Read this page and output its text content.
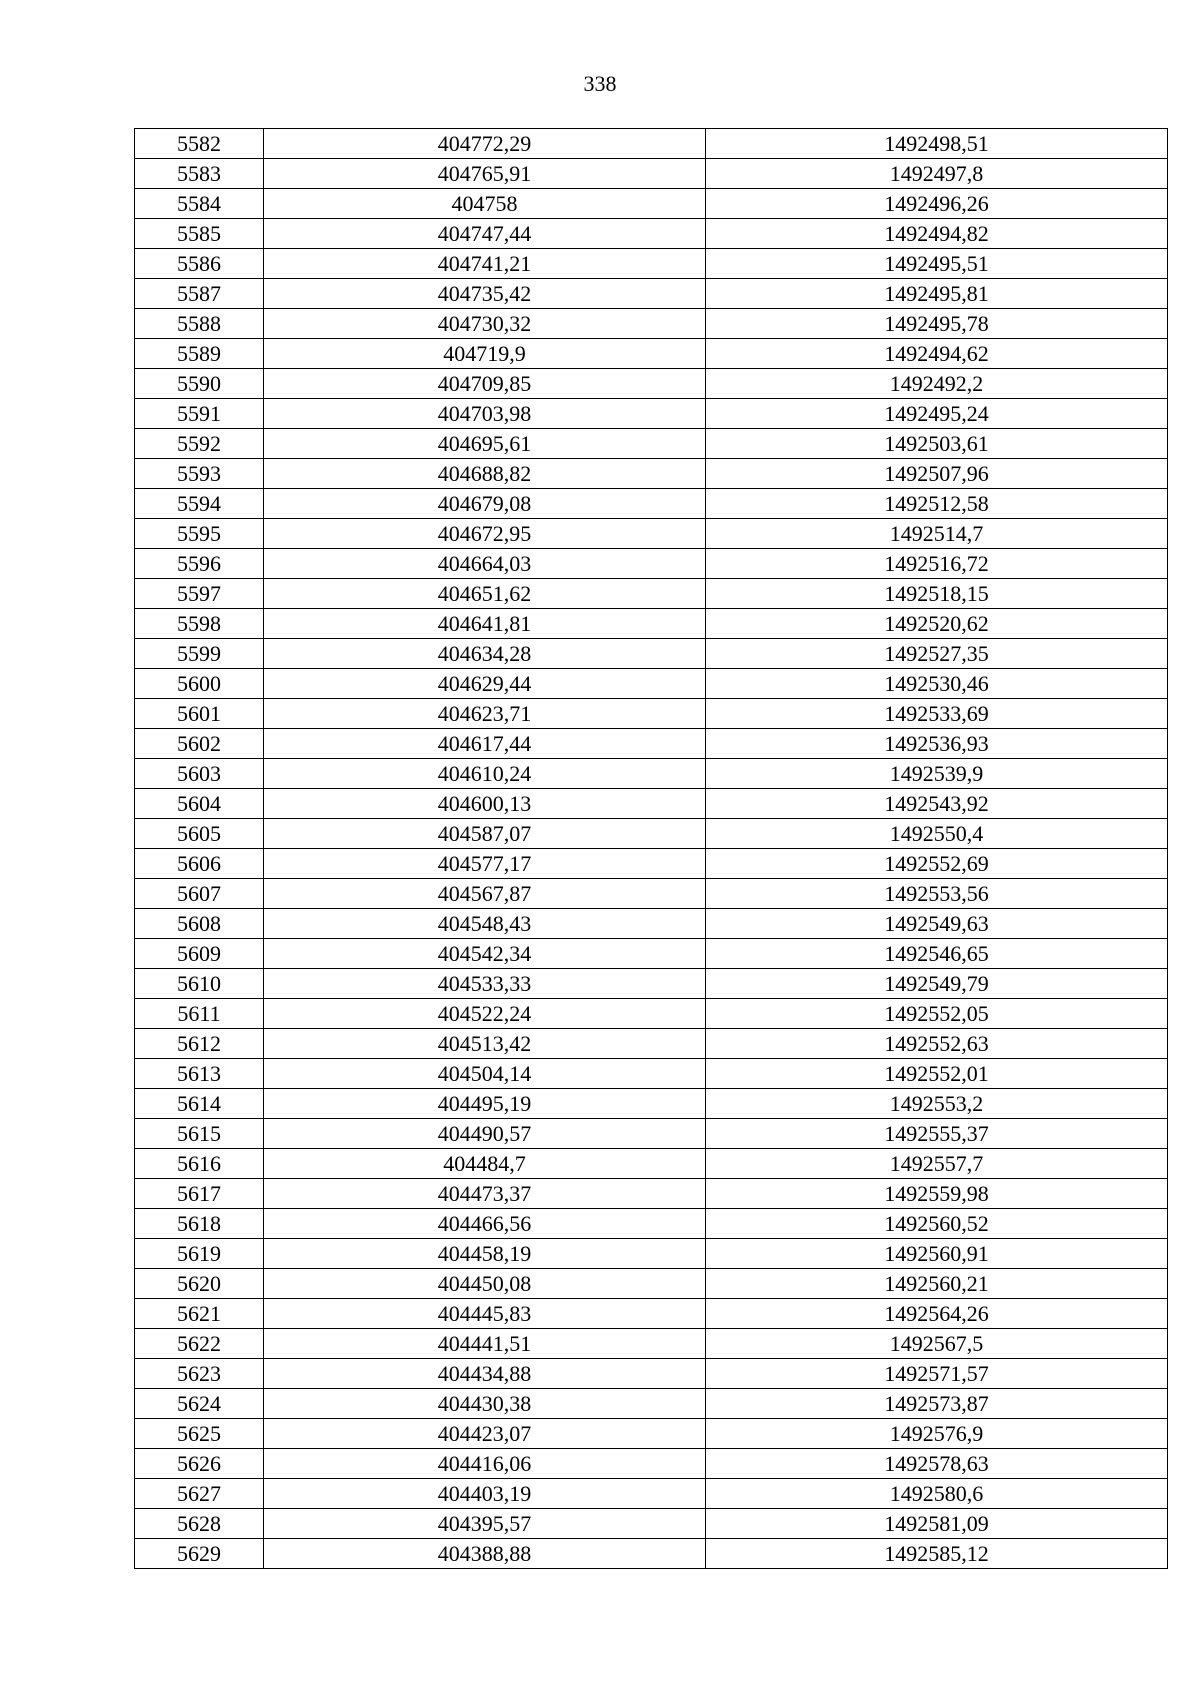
338
5582	404772,29	1492498,51
5583	404765,91	1492497,8
5584	404758	1492496,26
5585	404747,44	1492494,82
5586	404741,21	1492495,51
5587	404735,42	1492495,81
5588	404730,32	1492495,78
5589	404719,9	1492494,62
5590	404709,85	1492492,2
5591	404703,98	1492495,24
5592	404695,61	1492503,61
5593	404688,82	1492507,96
5594	404679,08	1492512,58
5595	404672,95	1492514,7
5596	404664,03	1492516,72
5597	404651,62	1492518,15
5598	404641,81	1492520,62
5599	404634,28	1492527,35
5600	404629,44	1492530,46
5601	404623,71	1492533,69
5602	404617,44	1492536,93
5603	404610,24	1492539,9
5604	404600,13	1492543,92
5605	404587,07	1492550,4
5606	404577,17	1492552,69
5607	404567,87	1492553,56
5608	404548,43	1492549,63
5609	404542,34	1492546,65
5610	404533,33	1492549,79
5611	404522,24	1492552,05
5612	404513,42	1492552,63
5613	404504,14	1492552,01
5614	404495,19	1492553,2
5615	404490,57	1492555,37
5616	404484,7	1492557,7
5617	404473,37	1492559,98
5618	404466,56	1492560,52
5619	404458,19	1492560,91
5620	404450,08	1492560,21
5621	404445,83	1492564,26
5622	404441,51	1492567,5
5623	404434,88	1492571,57
5624	404430,38	1492573,87
5625	404423,07	1492576,9
5626	404416,06	1492578,63
5627	404403,19	1492580,6
5628	404395,57	1492581,09
5629	404388,88	1492585,12
